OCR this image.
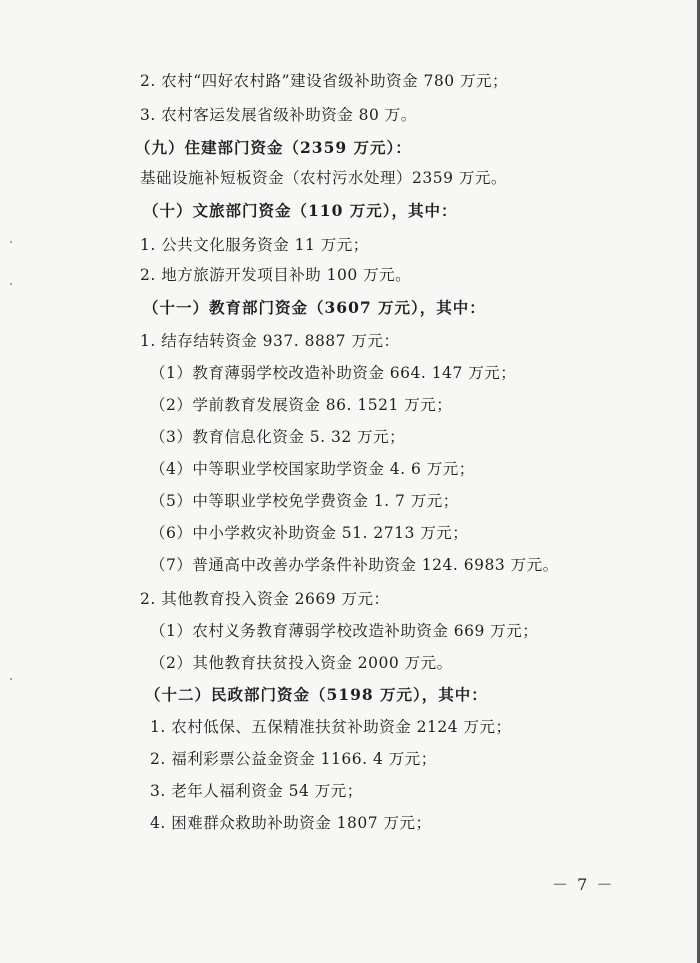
2. 农村“四好农村路”建设省级补助资金 780 万元；
3. 农村客运发展省级补助资金 80 万。
（九）住建部门资金（2359 万元）：
基础设施补短板资金（农村污水处理）2359 万元。
（十）文旅部门资金（110 万元），其中：
1. 公共文化服务资金 11 万元；
2. 地方旅游开发项目补助 100 万元。
（十一）教育部门资金（3607 万元），其中：
1. 结存结转资金 937. 8887 万元：
（1）教育薄弱学校改造补助资金 664. 147 万元；
（2）学前教育发展资金 86. 1521 万元；
（3）教育信息化资金 5. 32 万元；
（4）中等职业学校国家助学资金 4. 6 万元；
（5）中等职业学校免学费资金 1. 7 万元；
（6）中小学救灾补助资金 51. 2713 万元；
（7）普通高中改善办学条件补助资金 124. 6983 万元。
2. 其他教育投入资金 2669 万元：
（1）农村义务教育薄弱学校改造补助资金 669 万元；
（2）其他教育扶贫投入资金 2000 万元。
（十二）民政部门资金（5198 万元），其中：
1. 农村低保、五保精准扶贫补助资金 2124 万元；
2. 福利彩票公益金资金 1166. 4 万元；
3. 老年人福利资金 54 万元；
4. 困难群众救助补助资金 1807 万元；
－ 7 －
